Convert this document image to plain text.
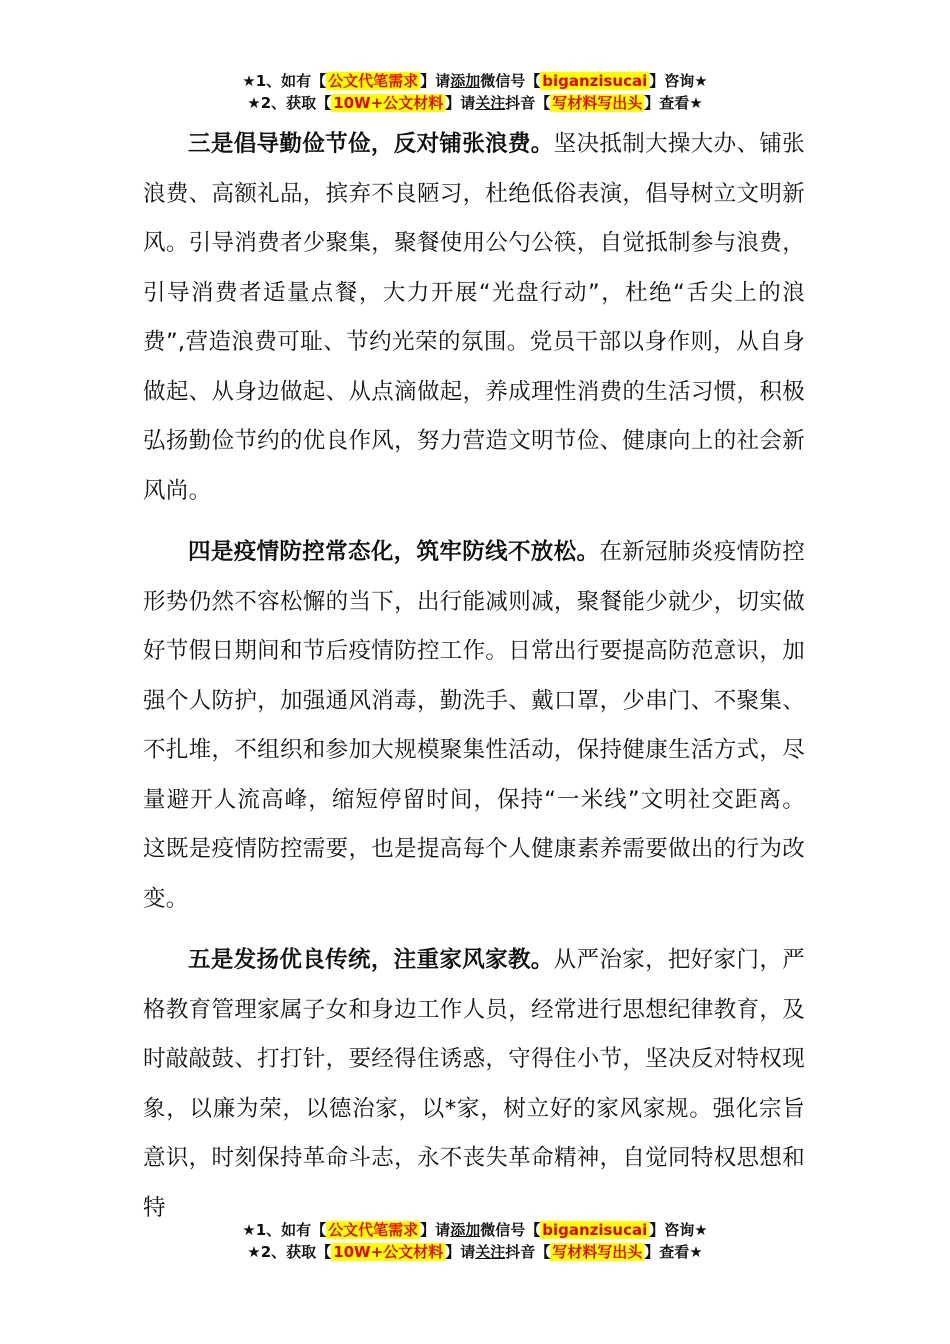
★1、如有【 公文代笔需求 】请添加微信号【 biganzisucai 】咨询★
★2、获取【 10W+公文材料 】请关注抖音【 写材料写出头 】查看★

三是倡导勤俭节俭，反对铺张浪费。坚决抵制大操大办、铺张浪费、高额礼品，摈弃不良陋习，杜绝低俗表演，倡导树立文明新风。引导消费者少聚集，聚餐使用公勺公筷，自觉抵制参与浪费，引导消费者适量点餐，大力开展“光盘行动”，杜绝“舌尖上的浪费”,营造浪费可耻、节约光荣的氛围。党员干部以身作则，从自身做起、从身边做起、从点滴做起，养成理性消费的生活习惯，积极弘扬勤俭节约的优良作风，努力营造文明节俭、健康向上的社会新风尚。

四是疫情防控常态化，筑牢防线不放松。在新冠肺炎疫情防控形势仍然不容松懈的当下，出行能减则减，聚餐能少就少，切实做好节假日期间和节后疫情防控工作。日常出行要提高防范意识，加强个人防护，加强通风消毒，勤洗手、戴口罩，少串门、不聚集、不扎堆，不组织和参加大规模聚集性活动，保持健康生活方式，尽量避开人流高峰，缩短停留时间，保持“一米线”文明社交距离。这既是疫情防控需要，也是提高每个人健康素养需要做出的行为改变。

五是发扬优良传统，注重家风家教。从严治家，把好家门，严格教育管理家属子女和身边工作人员，经常进行思想纪律教育，及时敲敲鼓、打打针，要经得住诱惑，守得住小节，坚决反对特权现象，以廉为荣，以德治家，以*家，树立好的家风家规。强化宗旨意识，时刻保持革命斗志，永不丧失革命精神，自觉同特权思想和特

★1、如有【 公文代笔需求 】请添加微信号【 biganzisucai 】咨询★
★2、获取【 10W+公文材料 】请关注抖音【 写材料写出头 】查看★
